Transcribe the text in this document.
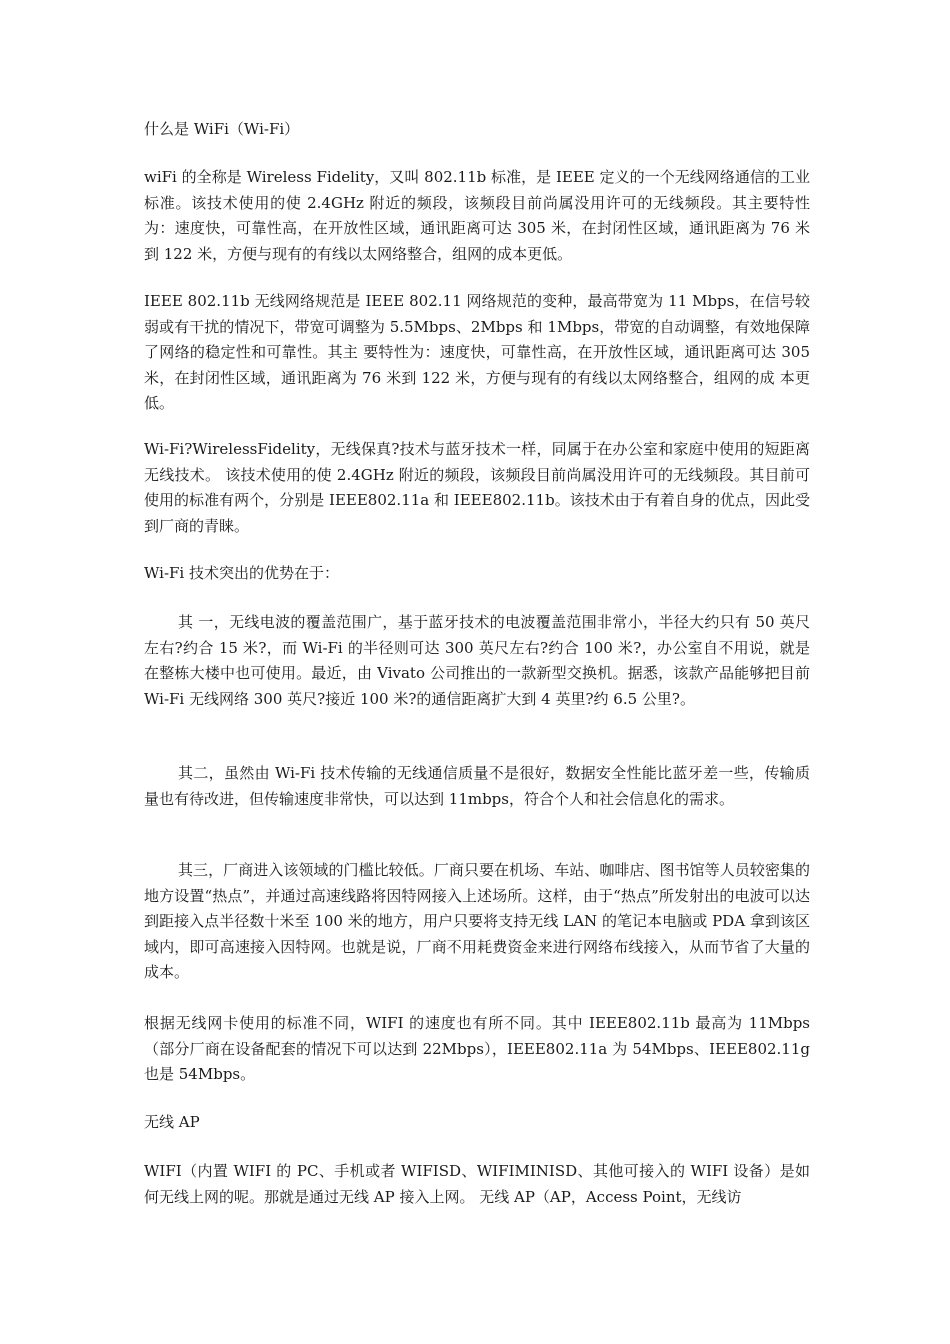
什么是 WiFi（Wi-Fi）

wiFi 的全称是 Wireless Fidelity，又叫 802.11b 标准，是 IEEE 定义的一个无线网络通信的工业标准。该技术使用的使 2.4GHz 附近的频段，该频段目前尚属没用许可的无线频段。其主要特性为：速度快，可靠性高，在开放性区域，通讯距离可达 305 米，在封闭性区域，通讯距离为 76 米到 122 米，方便与现有的有线以太网络整合，组网的成本更低。

IEEE 802.11b 无线网络规范是 IEEE 802.11 网络规范的变种，最高带宽为 11 Mbps，在信号较弱或有干扰的情况下，带宽可调整为 5.5Mbps、2Mbps 和 1Mbps，带宽的自动调整，有效地保障了网络的稳定性和可靠性。其主 要特性为：速度快，可靠性高，在开放性区域，通讯距离可达 305 米，在封闭性区域，通讯距离为 76 米到 122 米，方便与现有的有线以太网络整合，组网的成 本更低。

Wi-Fi?WirelessFidelity，无线保真?技术与蓝牙技术一样，同属于在办公室和家庭中使用的短距离无线技术。 该技术使用的使 2.4GHz 附近的频段，该频段目前尚属没用许可的无线频段。其目前可使用的标准有两个，分别是 IEEE802.11a 和 IEEE802.11b。该技术由于有着自身的优点，因此受到厂商的青睐。

Wi-Fi 技术突出的优势在于：

其 一，无线电波的覆盖范围广，基于蓝牙技术的电波覆盖范围非常小，半径大约只有 50 英尺左右?约合 15 米?，而 Wi-Fi 的半径则可达 300 英尺左右?约合 100 米?，办公室自不用说，就是在整栋大楼中也可使用。最近，由 Vivato 公司推出的一款新型交换机。据悉，该款产品能够把目前 Wi-Fi 无线网络 300 英尺?接近 100 米?的通信距离扩大到 4 英里?约 6.5 公里?。

其二，虽然由 Wi-Fi 技术传输的无线通信质量不是很好，数据安全性能比蓝牙差一些，传输质量也有待改进，但传输速度非常快，可以达到 11mbps，符合个人和社会信息化的需求。

其三，厂商进入该领域的门槛比较低。厂商只要在机场、车站、咖啡店、图书馆等人员较密集的地方设置“热点”，并通过高速线路将因特网接入上述场所。这样，由于“热点”所发射出的电波可以达到距接入点半径数十米至 100 米的地方，用户只要将支持无线 LAN 的笔记本电脑或 PDA 拿到该区域内，即可高速接入因特网。也就是说，厂商不用耗费资金来进行网络布线接入，从而节省了大量的成本。

根据无线网卡使用的标准不同，WIFI 的速度也有所不同。其中 IEEE802.11b 最高为 11Mbps（部分厂商在设备配套的情况下可以达到 22Mbps），IEEE802.11a 为 54Mbps、IEEE802.11g 也是 54Mbps。

无线 AP

WIFI（内置 WIFI 的 PC、手机或者 WIFISD、WIFIMINISD、其他可接入的 WIFI 设备）是如何无线上网的呢。那就是通过无线 AP 接入上网。 无线 AP（AP，Access Point，无线访
